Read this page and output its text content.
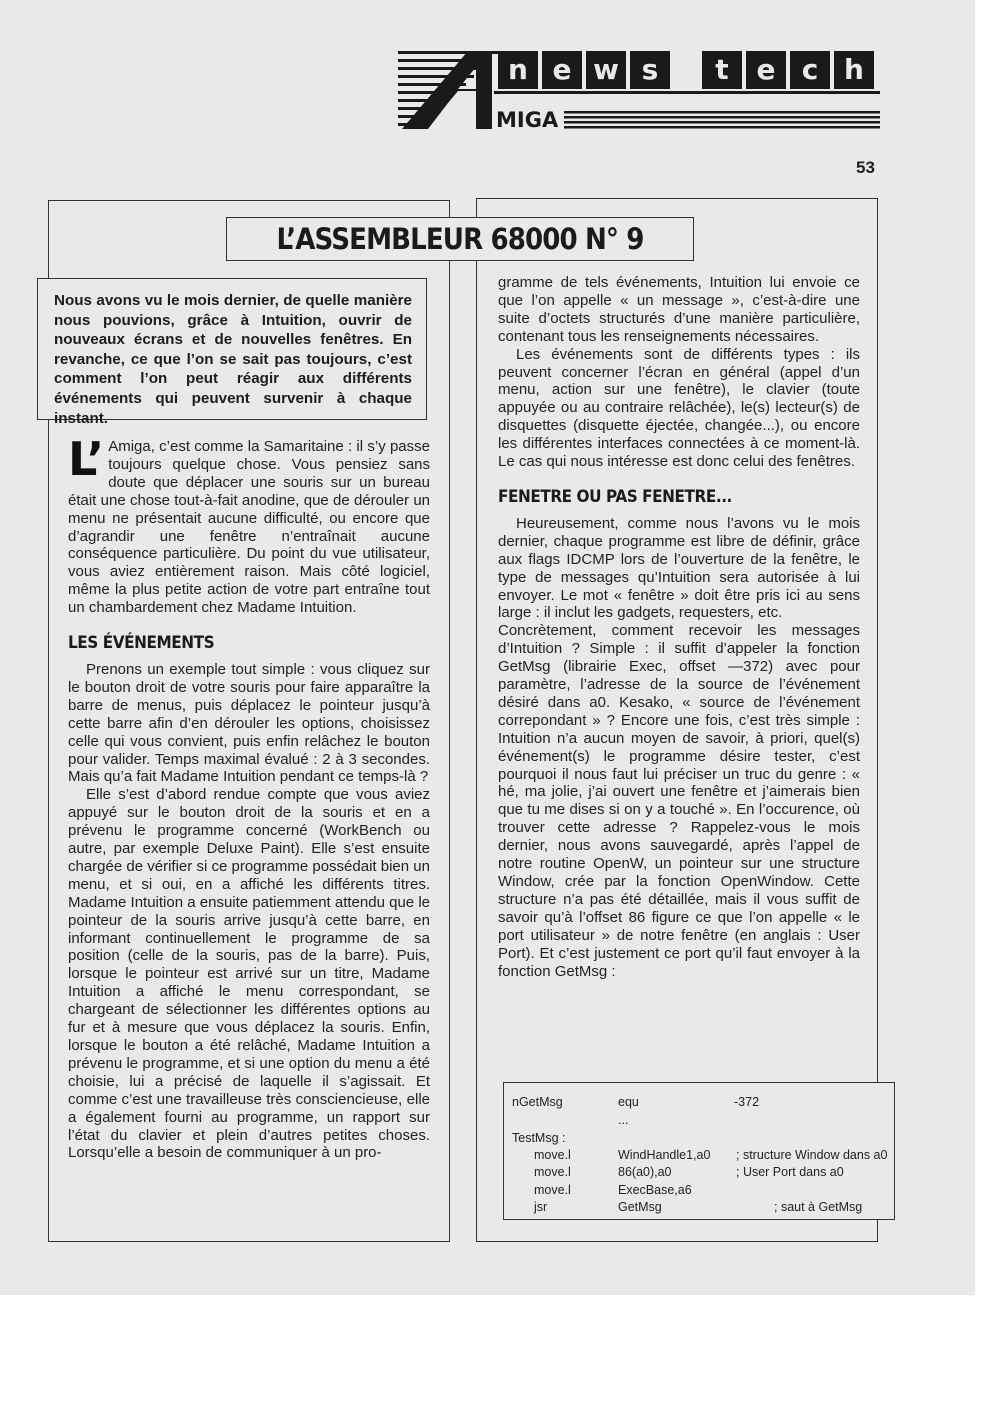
n e w s t e c h
MIGA
53
L’ASSEMBLEUR 68000 N° 9
Nous avons vu le mois dernier, de quelle manière nous pouvions, grâce à Intuition, ouvrir de nouveaux écrans et de nouvelles fenêtres. En revanche, ce que l’on se sait pas toujours, c’est comment l’on peut réagir aux différents événements qui peuvent survenir à chaque instant.

L’ Amiga, c’est comme la Samaritaine : il s’y passe toujours quelque chose. Vous pensiez sans doute que déplacer une souris sur un bureau était une chose tout-à-fait anodine, que de dérouler un menu ne présentait aucune difficulté, ou encore que d’agrandir une fenêtre n’entraînait aucune conséquence particulière. Du point du vue utilisateur, vous aviez entièrement raison. Mais côté logiciel, même la plus petite action de votre part entraîne tout un chambardement chez Madame Intuition.

LES ÉVÉNEMENTS

Prenons un exemple tout simple : vous cliquez sur le bouton droit de votre souris pour faire apparaître la barre de menus, puis déplacez le pointeur jusqu’à cette barre afin d’en dérouler les options, choisissez celle qui vous convient, puis enfin relâchez le bouton pour valider. Temps maximal évalué : 2 à 3 secondes. Mais qu’a fait Madame Intuition pendant ce temps-là ?

Elle s’est d’abord rendue compte que vous aviez appuyé sur le bouton droit de la souris et en a prévenu le programme concerné (WorkBench ou autre, par exemple Deluxe Paint). Elle s’est ensuite chargée de vérifier si ce programme possédait bien un menu, et si oui, en a affiché les différents titres. Madame Intuition a ensuite patiemment attendu que le pointeur de la souris arrive jusqu’à cette barre, en informant continuellement le programme de sa position (celle de la souris, pas de la barre). Puis, lorsque le pointeur est arrivé sur un titre, Madame Intuition a affiché le menu correspondant, se chargeant de sélectionner les différentes options au fur et à mesure que vous déplacez la souris. Enfin, lorsque le bouton a été relâché, Madame Intuition a prévenu le programme, et si une option du menu a été choisie, lui a précisé de laquelle il s’agissait. Et comme c’est une travailleuse très consciencieuse, elle a également fourni au programme, un rapport sur l’état du clavier et plein d’autres petites choses. Lorsqu’elle a besoin de communiquer à un pro-

gramme de tels événements, Intuition lui envoie ce que l’on appelle « un message », c’est-à-dire une suite d’octets structurés d’une manière particulière, contenant tous les renseignements nécessaires.

Les événements sont de différents types : ils peuvent concerner l’écran en général (appel d’un menu, action sur une fenêtre), le clavier (toute appuyée ou au contraire relâchée), le(s) lecteur(s) de disquettes (disquette éjectée, changée...), ou encore les différentes interfaces connectées à ce moment-là. Le cas qui nous intéresse est donc celui des fenêtres.

FENETRE OU PAS FENETRE...

Heureusement, comme nous l’avons vu le mois dernier, chaque programme est libre de définir, grâce aux flags IDCMP lors de l’ouverture de la fenêtre, le type de messages qu’Intuition sera autorisée à lui envoyer. Le mot « fenêtre » doit être pris ici au sens large : il inclut les gadgets, requesters, etc.

Concrètement, comment recevoir les messages d’Intuition ? Simple : il suffit d’appeler la fonction GetMsg (librairie Exec, offset —372) avec pour paramètre, l’adresse de la source de l’événement désiré dans a0. Kesako, « source de l’événement correpondant » ? Encore une fois, c’est très simple : Intuition n’a aucun moyen de savoir, à priori, quel(s) événement(s) le programme désire tester, c’est pourquoi il nous faut lui préciser un truc du genre : « hé, ma jolie, j’ai ouvert une fenêtre et j’aimerais bien que tu me dises si on y a touché ». En l’occurence, où trouver cette adresse ? Rappelez-vous le mois dernier, nous avons sauvegardé, après l’appel de notre routine OpenW, un pointeur sur une structure Window, crée par la fonction OpenWindow. Cette structure n’a pas été détaillée, mais il vous suffit de savoir qu’à l’offset 86 figure ce que l’on appelle « le port utilisateur » de notre fenêtre (en anglais : User Port). Et c’est justement ce port qu’il faut envoyer à la fonction GetMsg :

nGetMsg	equ	-372
...
TestMsg :
move.l	WindHandle1,a0 ; structure Window dans a0
move.l	86(a0),a0	; User Port dans a0
move.l	ExecBase,a6
jsr	GetMsg	; saut à GetMsg
